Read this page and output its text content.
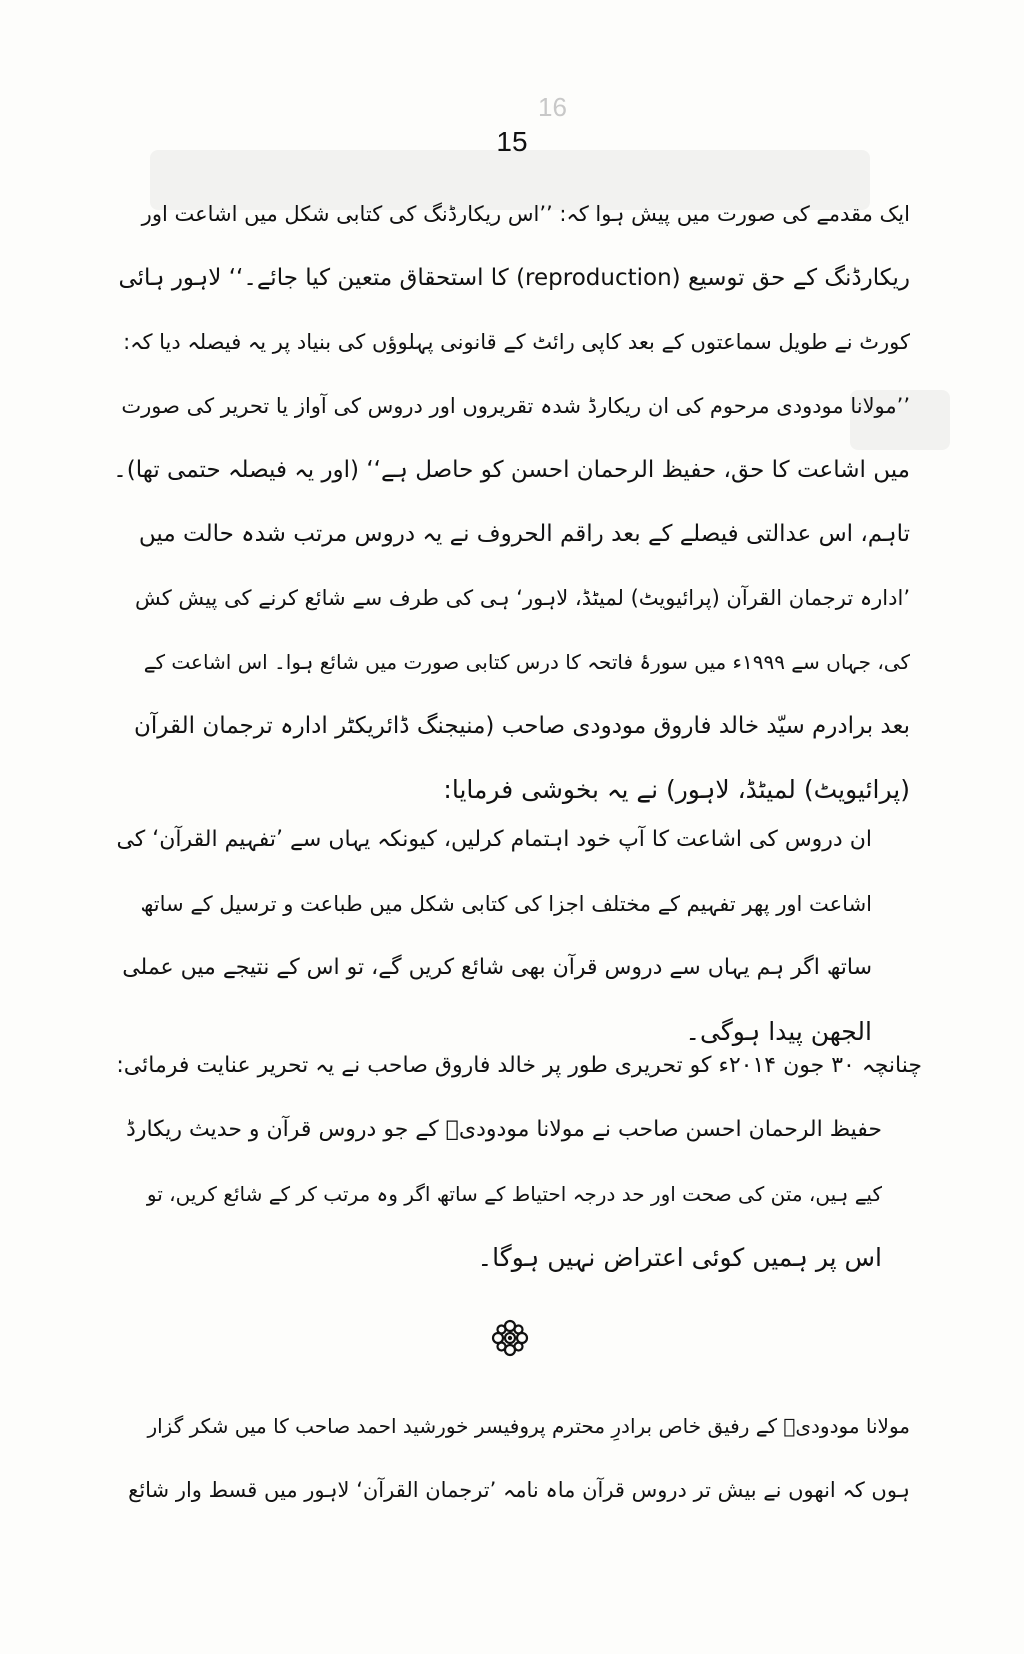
16
15
ایک مقدمے کی صورت میں پیش ہوا کہ: ’’اس ریکارڈنگ کی کتابی شکل میں اشاعت اور
ریکارڈنگ کے حق توسیع (reproduction) کا استحقاق متعین کیا جائے۔‘‘ لاہور ہائی
کورٹ نے طویل سماعتوں کے بعد کاپی رائٹ کے قانونی پہلوؤں کی بنیاد پر یہ فیصلہ دیا کہ:
’’مولانا مودودی مرحوم کی ان ریکارڈ شدہ تقریروں اور دروس کی آواز یا تحریر کی صورت
میں اشاعت کا حق، حفیظ الرحمان احسن کو حاصل ہے‘‘ (اور یہ فیصلہ حتمی تھا)۔
تاہم، اس عدالتی فیصلے کے بعد راقم الحروف نے یہ دروس مرتب شدہ حالت میں
’ادارہ ترجمان القرآن (پرائیویٹ) لمیٹڈ، لاہور‘ ہی کی طرف سے شائع کرنے کی پیش کش
کی، جہاں سے ۱۹۹۹ء میں سورۂ فاتحہ کا درس کتابی صورت میں شائع ہوا۔ اس اشاعت کے
بعد برادرم سیّد خالد فاروق مودودی صاحب (منیجنگ ڈائریکٹر ادارہ ترجمان القرآن
(پرائیویٹ) لمیٹڈ، لاہور) نے یہ بخوشی فرمایا:
ان دروس کی اشاعت کا آپ خود اہتمام کرلیں، کیونکہ یہاں سے ’تفہیم القرآن‘ کی
اشاعت اور پھر تفہیم کے مختلف اجزا کی کتابی شکل میں طباعت و ترسیل کے ساتھ
ساتھ اگر ہم یہاں سے دروس قرآن بھی شائع کریں گے، تو اس کے نتیجے میں عملی
الجھن پیدا ہوگی۔
چنانچہ ۳۰ جون ۲۰۱۴ء کو تحریری طور پر خالد فاروق صاحب نے یہ تحریر عنایت فرمائی:
حفیظ الرحمان احسن صاحب نے مولانا مودودیؒ کے جو دروس قرآن و حدیث ریکارڈ
کیے ہیں، متن کی صحت اور حد درجہ احتیاط کے ساتھ اگر وہ مرتب کر کے شائع کریں، تو
اس پر ہمیں کوئی اعتراض نہیں ہوگا۔
مولانا مودودیؒ کے رفیق خاص برادرِ محترم پروفیسر خورشید احمد صاحب کا میں شکر گزار
ہوں کہ انھوں نے بیش تر دروس قرآن ماہ نامہ ’ترجمان القرآن‘ لاہور میں قسط وار شائع
